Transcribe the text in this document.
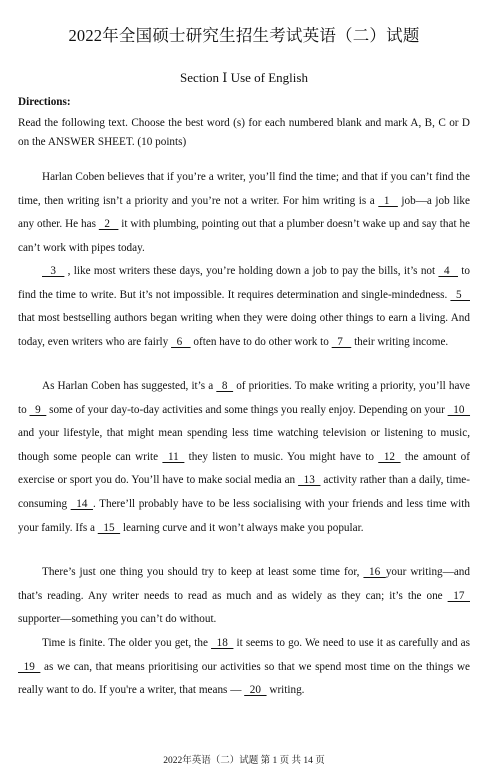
2022年全国硕士研究生招生考试英语（二）试题
Section Ⅰ Use of English
Directions:
Read the following text. Choose the best word (s) for each numbered blank and mark A, B, C or D on the ANSWER SHEET. (10 points)
Harlan Coben believes that if you’re a writer, you’ll find the time; and that if you can’t find the time, then writing isn’t a priority and you’re not a writer. For him writing is a   1    job—a job like any other. He has   2    it with plumbing, pointing out that a plumber doesn’t wake up and say that he can’t work with pipes today.
3    , like most writers these days, you’re holding down a job to pay the bills, it’s not   4    to find the time to write. But it’s not impossible. It requires determination and single-mindedness.   5    that most bestselling authors began writing when they were doing other things to earn a living. And today, even writers who are fairly   6    often have to do other work to   7    their writing income.
As Harlan Coben has suggested, it’s a   8   of priorities. To make writing a priority, you’ll have to   9   some of your day-to-day activities and some things you really enjoy. Depending on your   10   and your lifestyle, that might mean spending less time watching television or listening to music, though some people can write   11   they listen to music. You might have to   12   the amount of exercise or sport you do. You’ll have to make social media an   13   activity rather than a daily, time-consuming   14  . There’ll probably have to be less socialising with your friends and less time with your family. Ifs a   15   learning curve and it won’t always make you popular.
There’s just one thing you should try to keep at least some time for,   16  your writing—and that’s reading. Any writer needs to read as much and as widely as they can; it’s the one   17   supporter—something you can’t do without.
Time is finite. The older you get, the   18   it seems to go. We need to use it as carefully and as   19   as we can, that means prioritising our activities so that we spend most time on the things we really want to do. If you're a writer, that means —   20   writing.
2022年英语（二）试题 第 1 页 共 14 页
